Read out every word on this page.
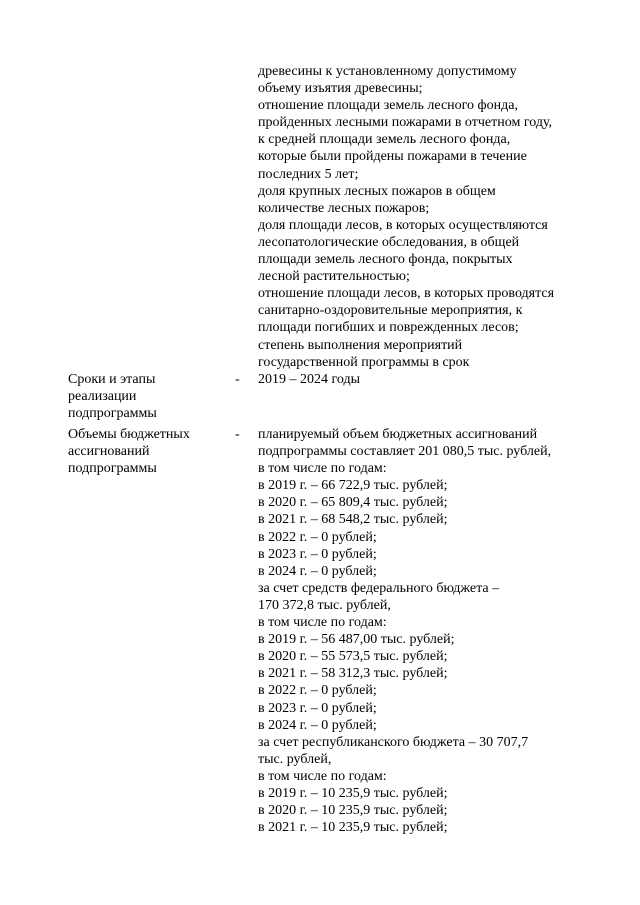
древесины к установленному допустимому
объему изъятия древесины;
отношение площади земель лесного фонда,
пройденных лесными пожарами в отчетном году,
к средней площади земель лесного фонда,
которые были пройдены пожарами в течение
последних 5 лет;
доля крупных лесных пожаров в общем
количестве лесных пожаров;
доля площади лесов, в которых осуществляются
лесопатологические обследования, в общей
площади земель лесного фонда, покрытых
лесной растительностью;
отношение площади лесов, в которых проводятся
санитарно-оздоровительные мероприятия, к
площади погибших и поврежденных лесов;
степень выполнения мероприятий
государственной программы в срок
Сроки и этапы
реализации
подпрограммы
- 2019 – 2024 годы
Объемы бюджетных
ассигнований
подпрограммы
- планируемый объем бюджетных ассигнований
подпрограммы составляет 201 080,5 тыс. рублей,
в том числе по годам:
в 2019 г. – 66 722,9 тыс. рублей;
в 2020 г. – 65 809,4 тыс. рублей;
в 2021 г. – 68 548,2 тыс. рублей;
в 2022 г. – 0 рублей;
в 2023 г. – 0 рублей;
в 2024 г. – 0 рублей;
за счет средств федерального бюджета –
170 372,8 тыс. рублей,
в том числе по годам:
в 2019 г. – 56 487,00 тыс. рублей;
в 2020 г. – 55 573,5 тыс. рублей;
в 2021 г. – 58 312,3 тыс. рублей;
в 2022 г. – 0 рублей;
в 2023 г. – 0 рублей;
в 2024 г. – 0 рублей;
за счет республиканского бюджета – 30 707,7
тыс. рублей,
в том числе по годам:
в 2019 г. – 10 235,9 тыс. рублей;
в 2020 г. – 10 235,9 тыс. рублей;
в 2021 г. – 10 235,9 тыс. рублей;
